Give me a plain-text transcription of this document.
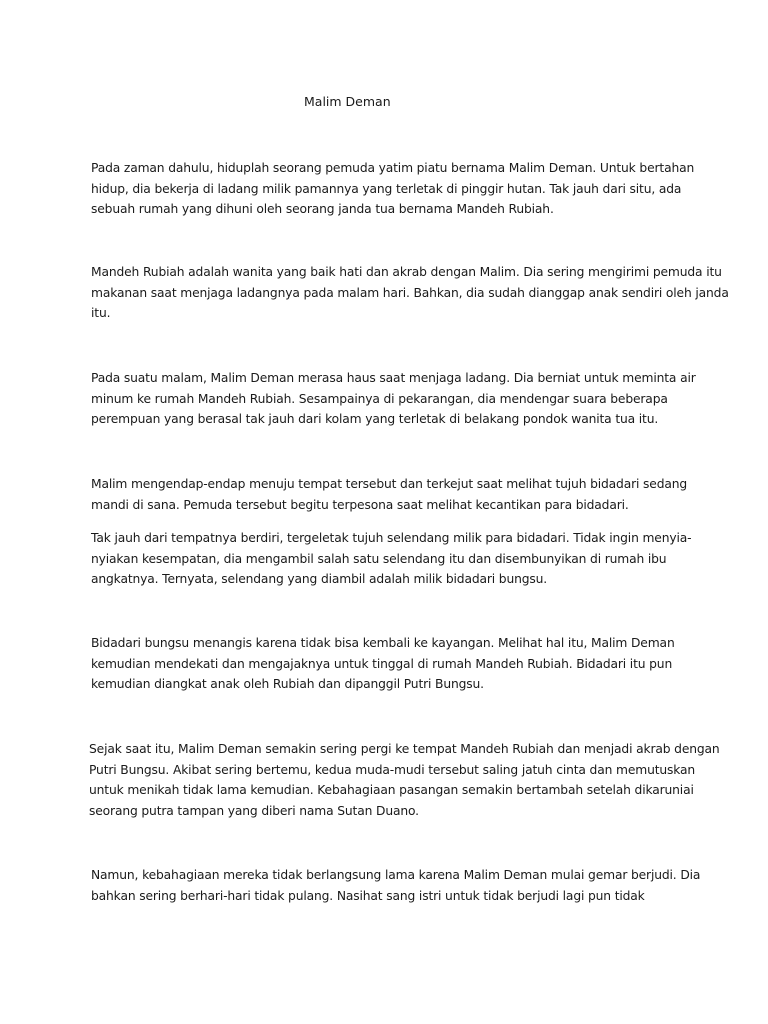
Malim Deman
Pada zaman dahulu, hiduplah seorang pemuda yatim piatu bernama Malim Deman. Untuk bertahan
hidup, dia bekerja di ladang milik pamannya yang terletak di pinggir hutan. Tak jauh dari situ, ada
sebuah rumah yang dihuni oleh seorang janda tua bernama Mandeh Rubiah.
Mandeh Rubiah adalah wanita yang baik hati dan akrab dengan Malim. Dia sering mengirimi pemuda itu
makanan saat menjaga ladangnya pada malam hari. Bahkan, dia sudah dianggap anak sendiri oleh janda
itu.
Pada suatu malam, Malim Deman merasa haus saat menjaga ladang. Dia berniat untuk meminta air
minum ke rumah Mandeh Rubiah. Sesampainya di pekarangan, dia mendengar suara beberapa
perempuan yang berasal tak jauh dari kolam yang terletak di belakang pondok wanita tua itu.
Malim mengendap-endap menuju tempat tersebut dan terkejut saat melihat tujuh bidadari sedang
mandi di sana. Pemuda tersebut begitu terpesona saat melihat kecantikan para bidadari.
Tak jauh dari tempatnya berdiri, tergeletak tujuh selendang milik para bidadari. Tidak ingin menyia-
nyiakan kesempatan, dia mengambil salah satu selendang itu dan disembunyikan di rumah ibu
angkatnya. Ternyata, selendang yang diambil adalah milik bidadari bungsu.
Bidadari bungsu menangis karena tidak bisa kembali ke kayangan. Melihat hal itu, Malim Deman
kemudian mendekati dan mengajaknya untuk tinggal di rumah Mandeh Rubiah. Bidadari itu pun
kemudian diangkat anak oleh Rubiah dan dipanggil Putri Bungsu.
Sejak saat itu, Malim Deman semakin sering pergi ke tempat Mandeh Rubiah dan menjadi akrab dengan
Putri Bungsu. Akibat sering bertemu, kedua muda-mudi tersebut saling jatuh cinta dan memutuskan
untuk menikah tidak lama kemudian. Kebahagiaan pasangan semakin bertambah setelah dikaruniai
seorang putra tampan yang diberi nama Sutan Duano.
Namun, kebahagiaan mereka tidak berlangsung lama karena Malim Deman mulai gemar berjudi. Dia
bahkan sering berhari-hari tidak pulang. Nasihat sang istri untuk tidak berjudi lagi pun tidak
